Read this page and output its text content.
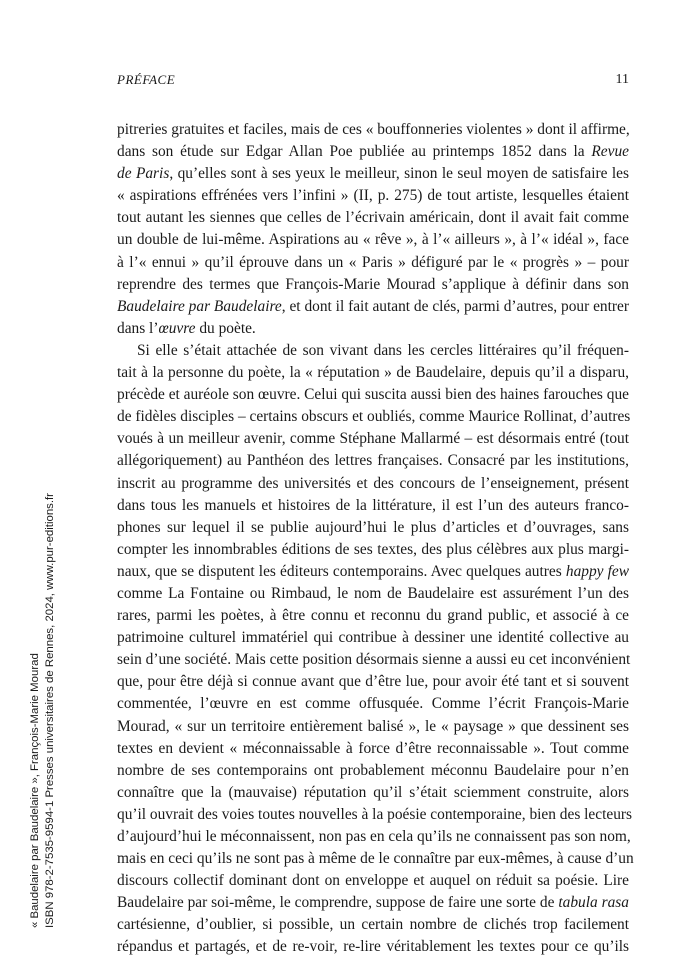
PRÉFACE	11
pitreries gratuites et faciles, mais de ces « bouffonneries violentes » dont il affirme,
dans son étude sur Edgar Allan Poe publiée au printemps 1852 dans la Revue
de Paris, qu’elles sont à ses yeux le meilleur, sinon le seul moyen de satisfaire les
« aspirations effrénées vers l’infini » (II, p. 275) de tout artiste, lesquelles étaient
tout autant les siennes que celles de l’écrivain américain, dont il avait fait comme
un double de lui-même. Aspirations au « rêve », à l’« ailleurs », à l’« idéal », face
à l’« ennui » qu’il éprouve dans un « Paris » défiguré par le « progrès » – pour
reprendre des termes que François-Marie Mourad s’applique à définir dans son
Baudelaire par Baudelaire, et dont il fait autant de clés, parmi d’autres, pour entrer
dans l’œuvre du poète.
Si elle s’était attachée de son vivant dans les cercles littéraires qu’il fréquen-
tait à la personne du poète, la « réputation » de Baudelaire, depuis qu’il a disparu,
précède et auréole son œuvre. Celui qui suscita aussi bien des haines farouches que
de fidèles disciples – certains obscurs et oubliés, comme Maurice Rollinat, d’autres
voués à un meilleur avenir, comme Stéphane Mallarmé – est désormais entré (tout
allégoriquement) au Panthéon des lettres françaises. Consacré par les institutions,
inscrit au programme des universités et des concours de l’enseignement, présent
dans tous les manuels et histoires de la littérature, il est l’un des auteurs franco-
phones sur lequel il se publie aujourd’hui le plus d’articles et d’ouvrages, sans
compter les innombrables éditions de ses textes, des plus célèbres aux plus margi-
naux, que se disputent les éditeurs contemporains. Avec quelques autres happy few
comme La Fontaine ou Rimbaud, le nom de Baudelaire est assurément l’un des
rares, parmi les poètes, à être connu et reconnu du grand public, et associé à ce
patrimoine culturel immatériel qui contribue à dessiner une identité collective au
sein d’une société. Mais cette position désormais sienne a aussi eu cet inconvénient
que, pour être déjà si connue avant que d’être lue, pour avoir été tant et si souvent
commentée, l’œuvre en est comme offusquée. Comme l’écrit François-Marie
Mourad, « sur un territoire entièrement balisé », le « paysage » que dessinent ses
textes en devient « méconnaissable à force d’être reconnaissable ». Tout comme
nombre de ses contemporains ont probablement méconnu Baudelaire pour n’en
connaître que la (mauvaise) réputation qu’il s’était sciemment construite, alors
qu’il ouvrait des voies toutes nouvelles à la poésie contemporaine, bien des lecteurs
d’aujourd’hui le méconnaissent, non pas en cela qu’ils ne connaissent pas son nom,
mais en ceci qu’ils ne sont pas à même de le connaître par eux-mêmes, à cause d’un
discours collectif dominant dont on enveloppe et auquel on réduit sa poésie. Lire
Baudelaire par soi-même, le comprendre, suppose de faire une sorte de tabula rasa
cartésienne, d’oublier, si possible, un certain nombre de clichés trop facilement
répandus et partagés, et de re-voir, re-lire véritablement les textes pour ce qu’ils
« Baudelaire par Baudelaire », François-Marie Mourad ISBN 978-2-7535-9594-1 Presses universitaires de Rennes, 2024, www.pur-editions.fr
